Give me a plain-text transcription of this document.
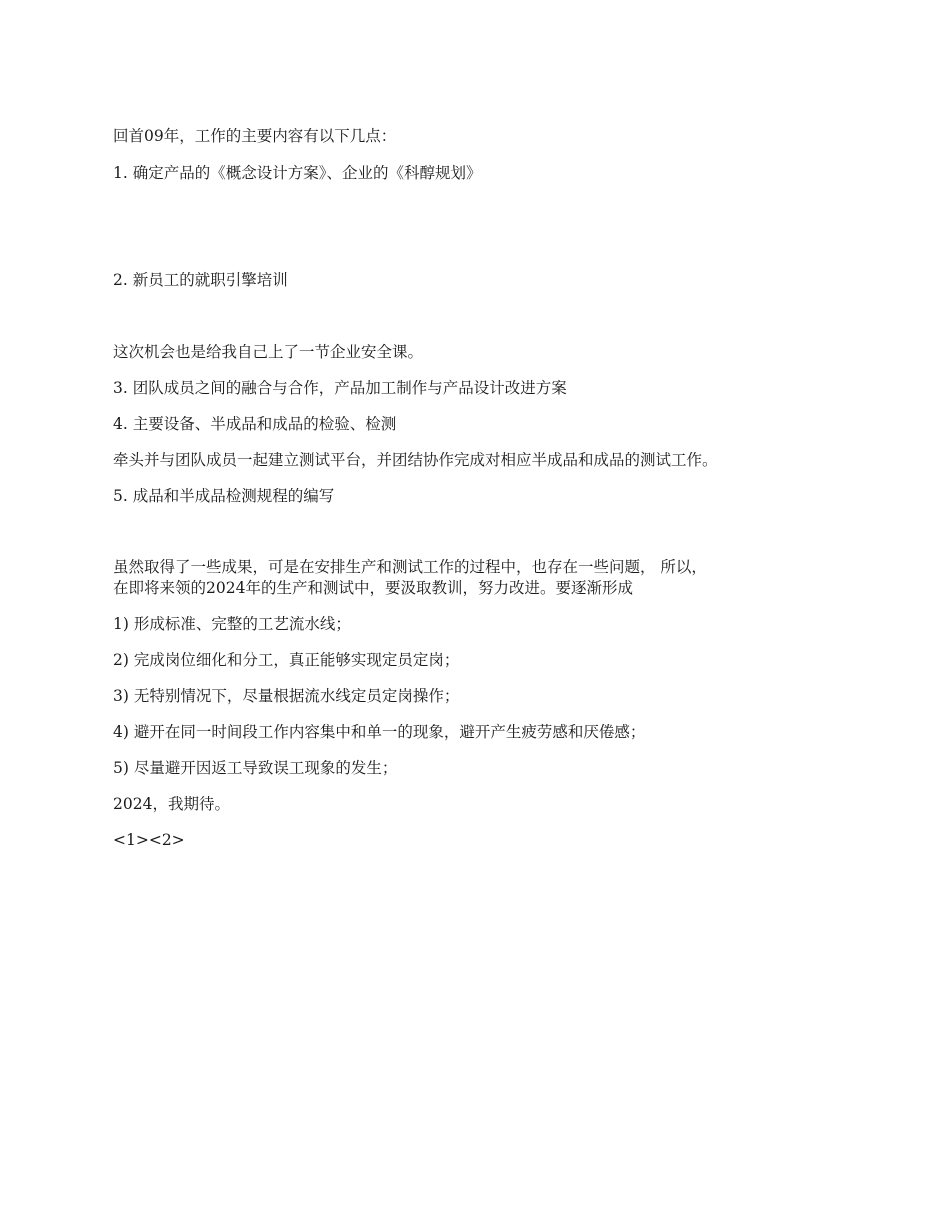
回首09年，工作的主要内容有以下几点：

1. 确定产品的《概念设计方案》、企业的《科醇规划》

2. 新员工的就职引擎培训

这次机会也是给我自己上了一节企业安全课。

3. 团队成员之间的融合与合作，产品加工制作与产品设计改进方案

4. 主要设备、半成品和成品的检验、检测

牵头并与团队成员一起建立测试平台，并团结协作完成对相应半成品和成品的测试工作。

5. 成品和半成品检测规程的编写

虽然取得了一些成果，可是在安排生产和测试工作的过程中，也存在一些问题， 所以，

在即将来领的2024年的生产和测试中，要汲取教训，努力改进。要逐渐形成

1) 形成标准、完整的工艺流水线；

2) 完成岗位细化和分工，真正能够实现定员定岗；

3) 无特别情况下，尽量根据流水线定员定岗操作；

4) 避开在同一时间段工作内容集中和单一的现象，避开产生疲劳感和厌倦感；

5) 尽量避开因返工导致误工现象的发生；

2024，我期待。

<1><2>
